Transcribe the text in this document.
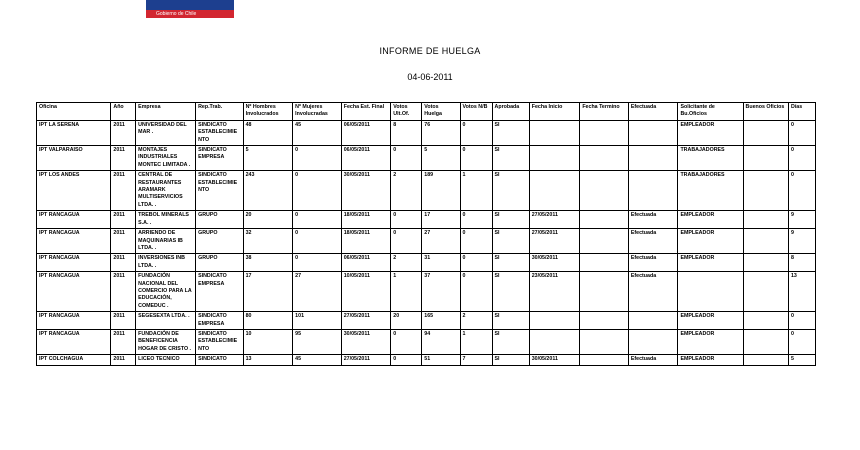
Gobierno de Chile
INFORME DE HUELGA
04-06-2011
Oficina	Año	Empresa	Rep.Trab.	Nº Hombres Involucrados	Nº Mujeres Involucradas	Fecha Est. Final	Votos Ult.Of.	Votos Huelga	Votos N/B	Aprobada	Fecha Inicio	Fecha Termino	Efectuada	Solicitante de Bu.Oficios	Buenos Oficios	Días
IPT LA SERENA	2011	UNIVERSIDAD DEL MAR .	SINDICATO ESTABLECIMIENTO	48	45	06/05/2011	8	76	0	SI				EMPLEADOR		0
IPT VALPARAISO	2011	MONTAJES INDUSTRIALES MONTEC LIMITADA .	SINDICATO EMPRESA	5	0	06/05/2011	0	5	0	SI				TRABAJADORES		0
IPT LOS ANDES	2011	CENTRAL DE RESTAURANTES ARAMARK MULTISERVICIOS LTDA. .	SINDICATO ESTABLECIMIENTO	243	0	30/05/2011	2	189	1	SI				TRABAJADORES		0
IPT RANCAGUA	2011	TREBOL MINERALS S.A. .	GRUPO	20	0	18/05/2011	0	17	0	SI	27/05/2011		Efectuada	EMPLEADOR		9
IPT RANCAGUA	2011	ARRIENDO DE MAQUINARIAS IB LTDA. .	GRUPO	32	0	18/05/2011	0	27	0	SI	27/05/2011		Efectuada	EMPLEADOR		9
IPT RANCAGUA	2011	INVERSIONES INB LTDA. .	GRUPO	38	0	06/05/2011	2	31	0	SI	30/05/2011		Efectuada	EMPLEADOR		8
IPT RANCAGUA	2011	FUNDACIÓN NACIONAL DEL COMERCIO PARA LA EDUCACIÓN, COMEDUC .	SINDICATO EMPRESA	17	27	10/05/2011	1	37	0	SI	23/05/2011		Efectuada			13
IPT RANCAGUA	2011	SEGESEXTA LTDA. .	SINDICATO EMPRESA	80	101	27/05/2011	20	165	2	SI				EMPLEADOR		0
IPT RANCAGUA	2011	FUNDACIÓN DE BENEFICENCIA HOGAR DE CRISTO .	SINDICATO ESTABLECIMIENTO	10	95	30/05/2011	0	94	1	SI				EMPLEADOR		0
IPT COLCHAGUA	2011	LICEO TECNICO	SINDICATO	13	45	27/05/2011	0	51	7	SI	30/05/2011		Efectuada	EMPLEADOR		5
